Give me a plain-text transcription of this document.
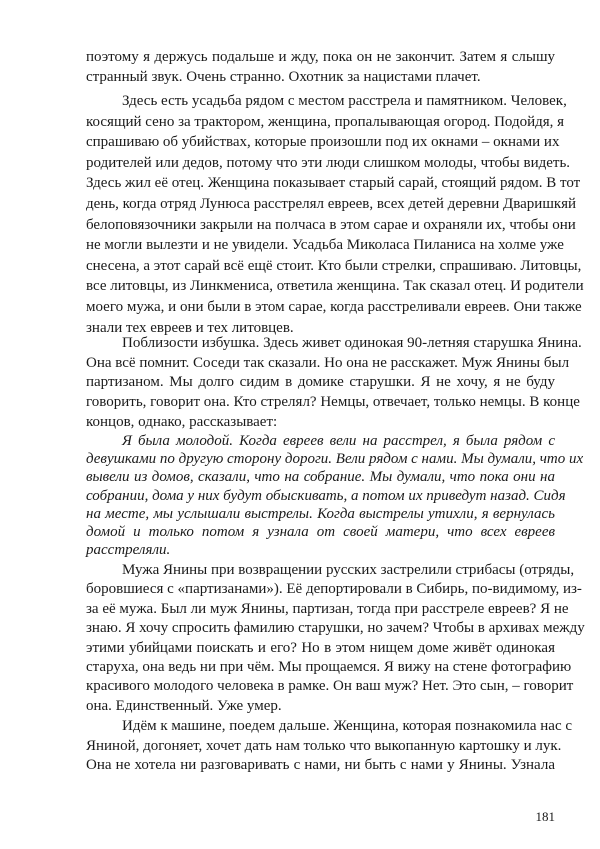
поэтому я держусь подальше и жду, пока он не закончит. Затем я слышу
странный звук. Очень странно. Охотник за нацистами плачет.
Здесь есть усадьба рядом с местом расстрела и памятником. Человек,
косящий сено за трактором, женщина, пропалывающая огород. Подойдя, я
спрашиваю об убийствах, которые произошли под их окнами – окнами их
родителей или дедов, потому что эти люди слишком молоды, чтобы видеть.
Здесь жил её отец. Женщина показывает старый сарай, стоящий рядом. В тот
день, когда отряд Лунюса расстрелял евреев, всех детей деревни Дваришкяй
белоповязочники закрыли на полчаса в этом сарае и охраняли их, чтобы они
не могли вылезти и не увидели. Усадьба Миколаса Пиланиса на холме уже
снесена, а этот сарай всё ещё стоит. Кто были стрелки, спрашиваю. Литовцы,
все литовцы, из Линкмениса, ответила женщина. Так сказал отец. И родители
моего мужа, и они были в этом сарае, когда расстреливали евреев. Они также
знали тех евреев и тех литовцев.
Поблизости избушка. Здесь живет одинокая 90-летняя старушка Янина.
Она всё помнит. Соседи так сказали. Но она не расскажет. Муж Янины был
партизаном. Мы долго сидим в домике старушки. Я не хочу, я не буду
говорить, говорит она. Кто стрелял? Немцы, отвечает, только немцы. В конце
концов, однако, рассказывает:
Я была молодой. Когда евреев вели на расстрел, я была рядом с
девушками по другую сторону дороги. Вели рядом с нами. Мы думали, что их
вывели из домов, сказали, что на собрание. Мы думали, что пока они на
собрании, дома у них будут обыскивать, а потом их приведут назад. Сидя
на месте, мы услышали выстрелы. Когда выстрелы утихли, я вернулась
домой и только потом я узнала от своей матери, что всех евреев
расстреляли.
Мужа Янины при возвращении русских застрелили стрибасы (отряды,
боровшиеся с «партизанами»). Её депортировали в Сибирь, по-видимому, из-
за её мужа. Был ли муж Янины, партизан, тогда при расстреле евреев? Я не
знаю. Я хочу спросить фамилию старушки, но зачем? Чтобы в архивах между
этими убийцами поискать и его? Но в этом нищем доме живёт одинокая
старуха, она ведь ни при чём. Мы прощаемся. Я вижу на стене фотографию
красивого молодого человека в рамке. Он ваш муж? Нет. Это сын, – говорит
она. Единственный. Уже умер.
Идём к машине, поедем дальше. Женщина, которая познакомила нас с
Яниной, догоняет, хочет дать нам только что выкопанную картошку и лук.
Она не хотела ни разговаривать с нами, ни быть с нами у Янины. Узнала
181
